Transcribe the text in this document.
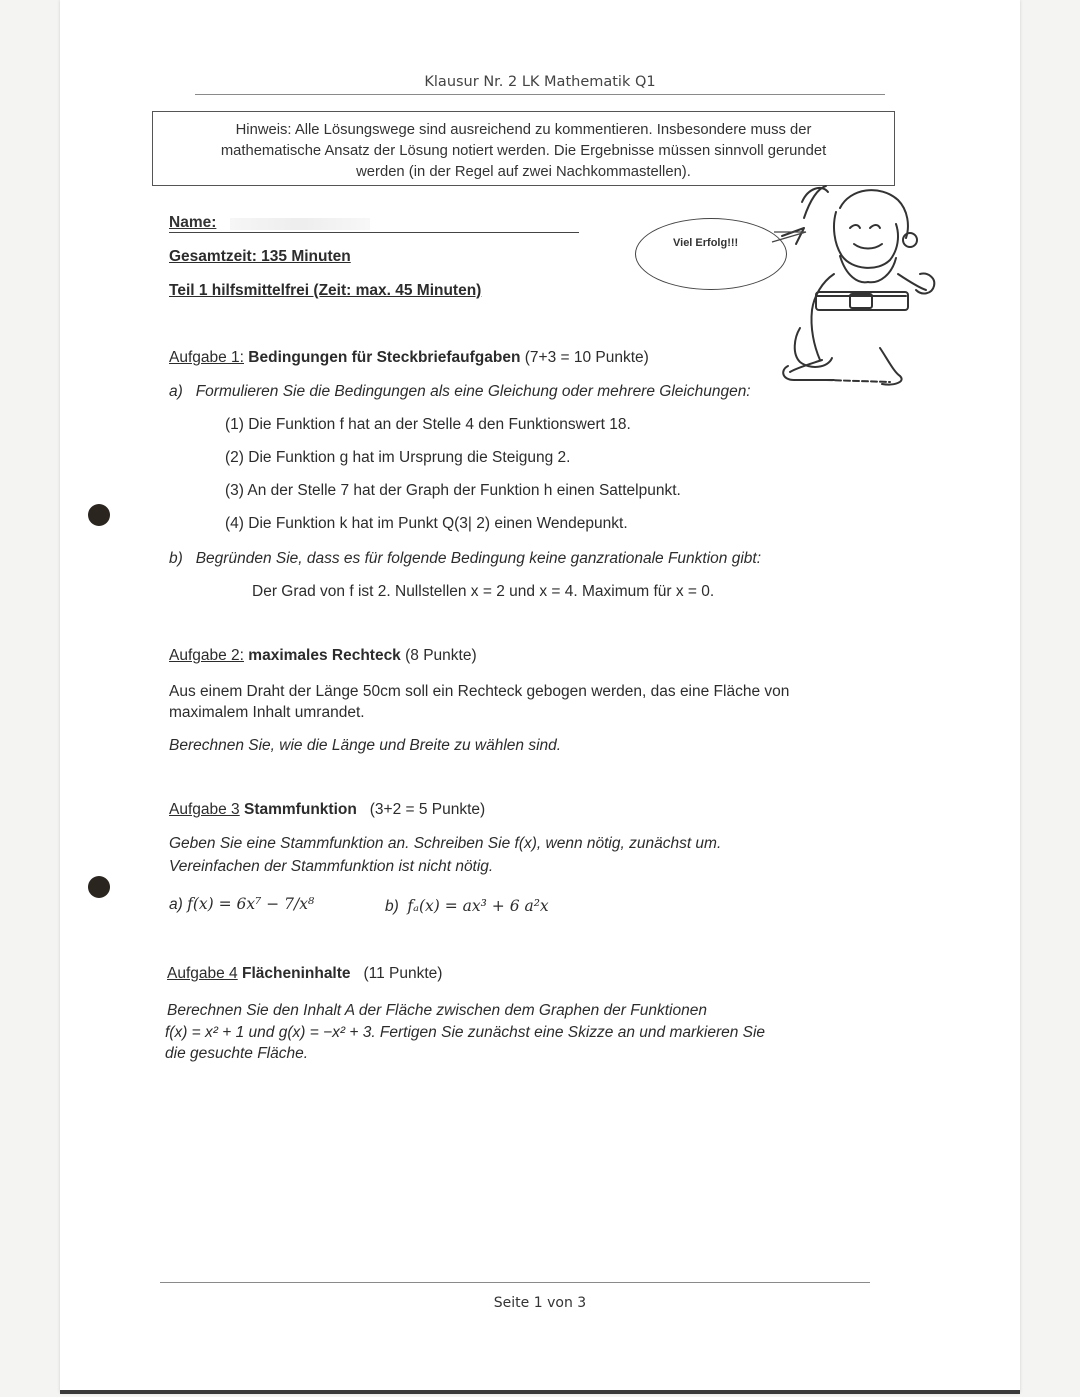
Klausur Nr. 2 LK Mathematik Q1
Hinweis: Alle Lösungswege sind ausreichend zu kommentieren. Insbesondere muss der
mathematische Ansatz der Lösung notiert werden. Die Ergebnisse müssen sinnvoll gerundet
werden (in der Regel auf zwei Nachkommastellen).
Name:
Gesamtzeit: 135 Minuten
Teil 1 hilfsmittelfrei (Zeit: max. 45 Minuten)
Viel Erfolg!!!
Aufgabe 1: Bedingungen für Steckbriefaufgaben (7+3 = 10 Punkte)
a) Formulieren Sie die Bedingungen als eine Gleichung oder mehrere Gleichungen:
(1) Die Funktion f hat an der Stelle 4 den Funktionswert 18.
(2) Die Funktion g hat im Ursprung die Steigung 2.
(3) An der Stelle 7 hat der Graph der Funktion h einen Sattelpunkt.
(4) Die Funktion k hat im Punkt Q(3| 2) einen Wendepunkt.
b) Begründen Sie, dass es für folgende Bedingung keine ganzrationale Funktion gibt:
Der Grad von f ist 2. Nullstellen x = 2 und x = 4. Maximum für x = 0.
Aufgabe 2: maximales Rechteck (8 Punkte)
Aus einem Draht der Länge 50cm soll ein Rechteck gebogen werden, das eine Fläche von
maximalem Inhalt umrandet.
Berechnen Sie, wie die Länge und Breite zu wählen sind.
Aufgabe 3 Stammfunktion (3+2 = 5 Punkte)
Geben Sie eine Stammfunktion an. Schreiben Sie f(x), wenn nötig, zunächst um.
Vereinfachen der Stammfunktion ist nicht nötig.
a) f(x) = 6x⁷ − 7/x⁸	b) fₐ(x) = ax³ + 6 a²x
Aufgabe 4 Flächeninhalte (11 Punkte)
Berechnen Sie den Inhalt A der Fläche zwischen dem Graphen der Funktionen
f(x) = x² + 1 und g(x) = −x² + 3. Fertigen Sie zunächst eine Skizze an und markieren Sie
die gesuchte Fläche.
Seite 1 von 3
